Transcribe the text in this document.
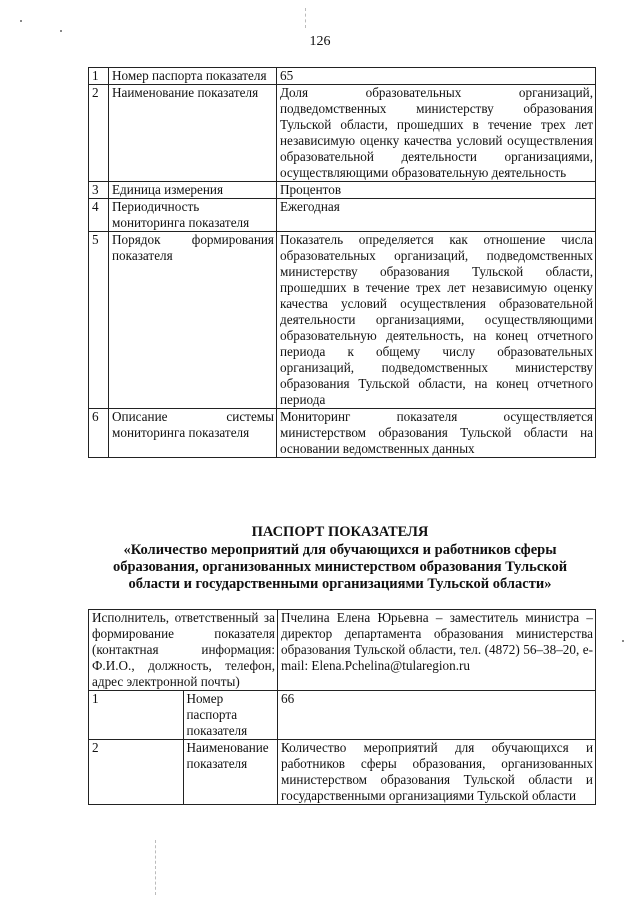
126
1	Номер паспорта показателя	65
2	Наименование показателя	Доля образовательных организаций, подведомственных министерству образования Тульской области, прошедших в течение трех лет независимую оценку качества условий осуществления образовательной деятельности организациями, осуществляющими образовательную деятельность
3	Единица измерения	Процентов
4	Периодичность мониторинга показателя	Ежегодная
5	Порядок формирования показателя	Показатель определяется как отношение числа образовательных организаций, подведомственных министерству образования Тульской области, прошедших в течение трех лет независимую оценку качества условий осуществления образовательной деятельности организациями, осуществляющими образовательную деятельность, на конец отчетного периода к общему числу образовательных организаций, подведомственных министерству образования Тульской области, на конец отчетного периода
6	Описание системы мониторинга показателя	Мониторинг показателя осуществляется министерством образования Тульской области на основании ведомственных данных
ПАСПОРТ ПОКАЗАТЕЛЯ
«Количество мероприятий для обучающихся и работников сферы образования, организованных министерством образования Тульской области и государственными организациями Тульской области»
Исполнитель, ответственный за формирование показателя (контактная информация: Ф.И.О., должность, телефон, адрес электронной почты)		Пчелина Елена Юрьевна – заместитель министра – директор департамента образования министерства образования Тульской области, тел. (4872) 56–38–20, e-mail: Elena.Pchelina@tularegion.ru
1	Номер паспорта показателя	66
2	Наименование показателя	Количество мероприятий для обучающихся и работников сферы образования, организованных министерством образования Тульской области и государственными организациями Тульской области
